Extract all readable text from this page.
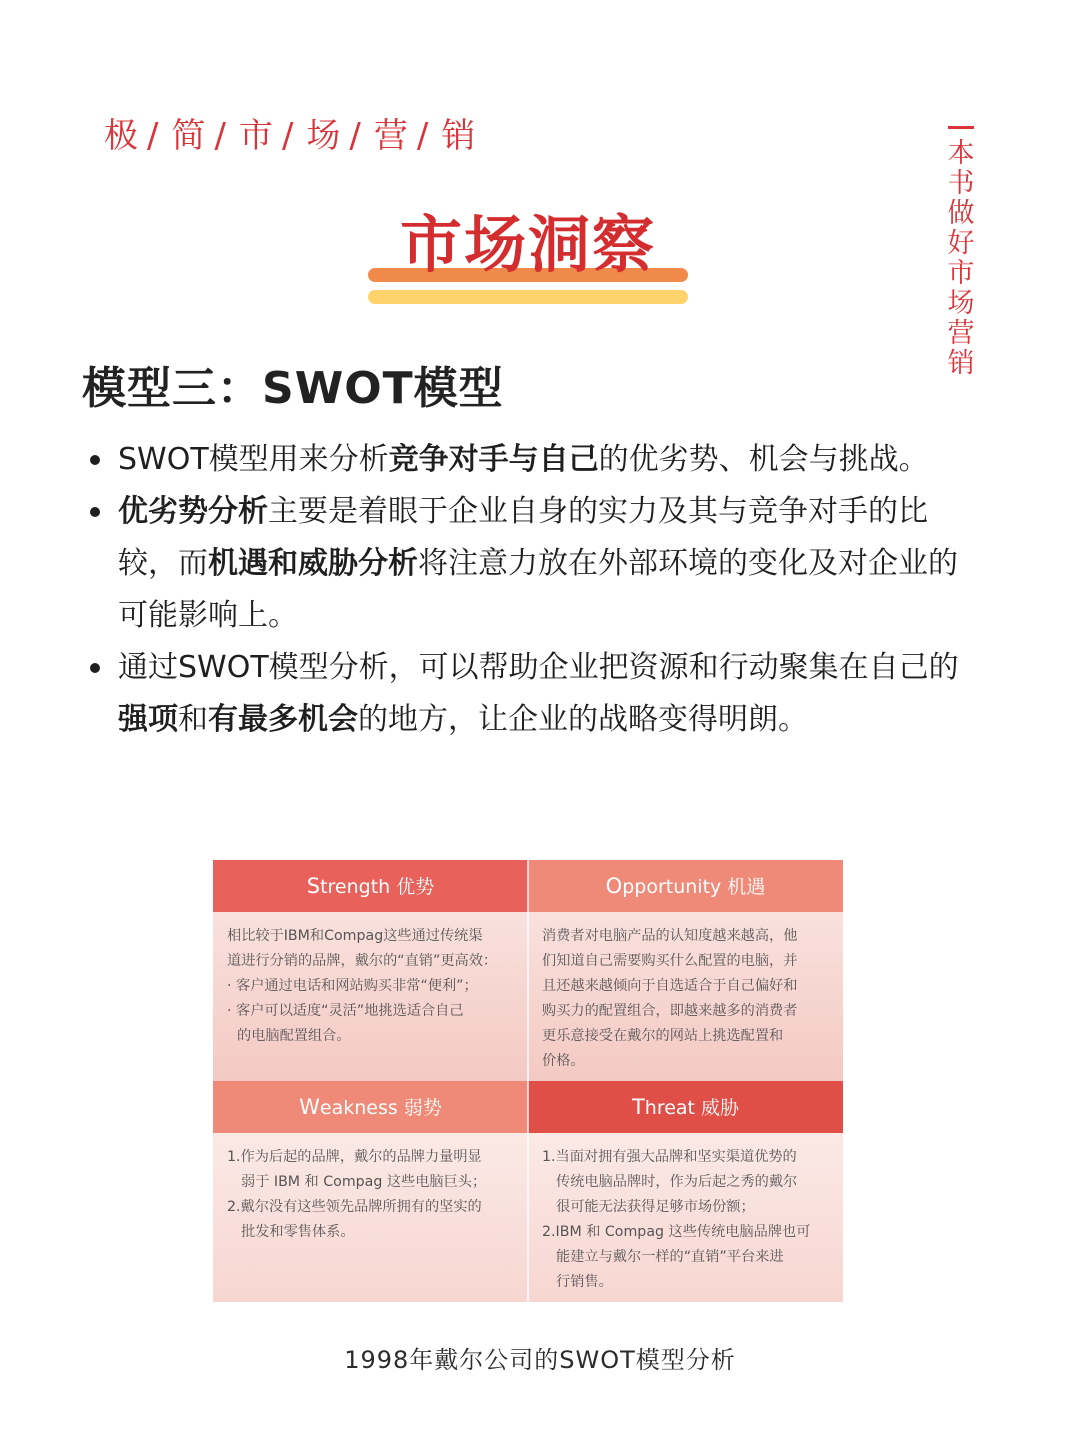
极 / 简 / 市 / 场 / 营 / 销	本
书
做
好
市
场
营
销
市场洞察
模型三：SWOT模型
SWOT模型用来分析竞争对手与自己的优劣势、机会与挑战。
优劣势分析主要是着眼于企业自身的实力及其与竞争对手的比较，而机遇和威胁分析将注意力放在外部环境的变化及对企业的可能影响上。
通过SWOT模型分析，可以帮助企业把资源和行动聚集在自己的强项和有最多机会的地方，让企业的战略变得明朗。
Strength 优势
相比较于IBM和Compag这些通过传统渠
道进行分销的品牌，戴尔的“直销”更高效：
· 客户通过电话和网站购买非常“便利”；
· 客户可以适度“灵活”地挑选适合自己
的电脑配置组合。
Opportunity 机遇
消费者对电脑产品的认知度越来越高，他
们知道自己需要购买什么配置的电脑，并
且还越来越倾向于自选适合于自己偏好和
购买力的配置组合，即越来越多的消费者
更乐意接受在戴尔的网站上挑选配置和
价格。
Weakness 弱势
1.作为后起的品牌，戴尔的品牌力量明显
弱于 IBM 和 Compag 这些电脑巨头；
2.戴尔没有这些领先品牌所拥有的坚实的
批发和零售体系。
Threat 威胁
1.当面对拥有强大品牌和坚实渠道优势的
传统电脑品牌时，作为后起之秀的戴尔
很可能无法获得足够市场份额；
2.IBM 和 Compag 这些传统电脑品牌也可
能建立与戴尔一样的“直销”平台来进
行销售。
1998年戴尔公司的SWOT模型分析
